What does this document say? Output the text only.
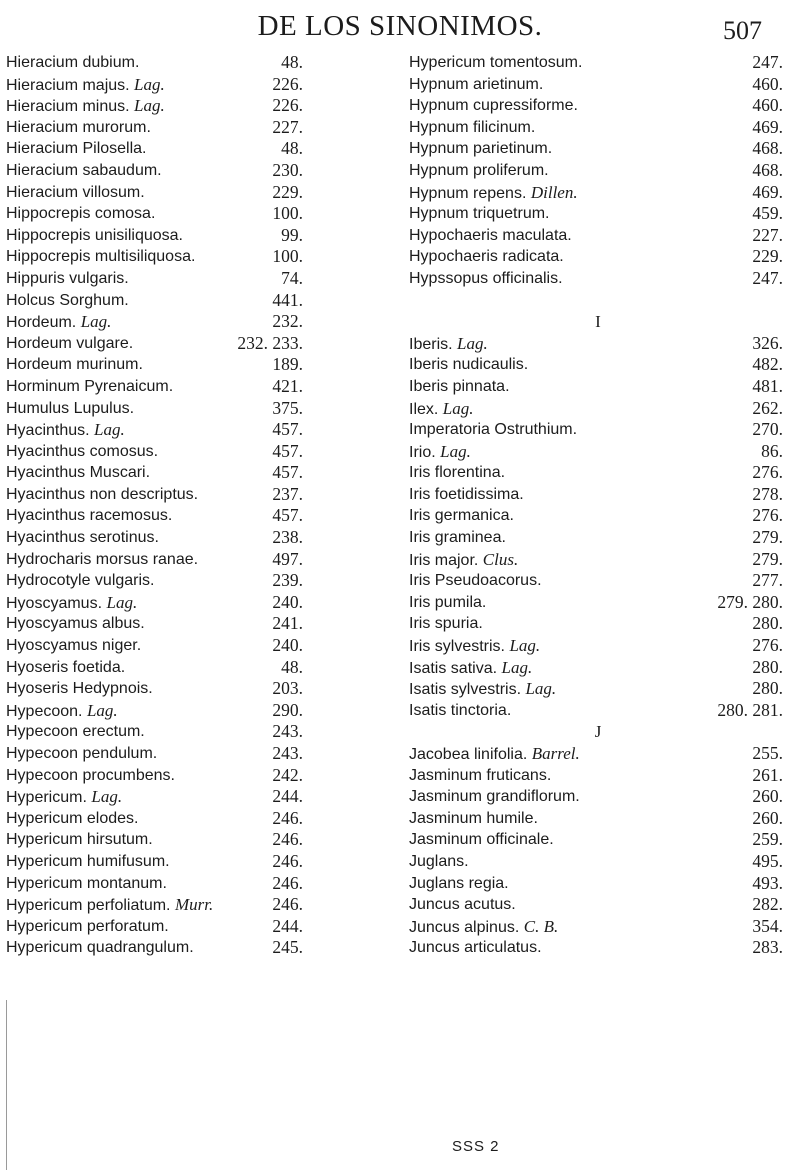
DE LOS SINONIMOS.	507
Hieracium dubium.	48.
Hieracium majus. Lag.	226.
Hieracium minus. Lag.	226.
Hieracium murorum.	227.
Hieracium Pilosella.	48.
Hieracium sabaudum.	230.
Hieracium villosum.	229.
Hippocrepis comosa.	100.
Hippocrepis unisiliquosa.	99.
Hippocrepis multisiliquosa.	100.
Hippuris vulgaris.	74.
Holcus Sorghum.	441.
Hordeum. Lag.	232.
Hordeum vulgare.	232. 233.
Hordeum murinum.	189.
Horminum Pyrenaicum.	421.
Humulus Lupulus.	375.
Hyacinthus. Lag.	457.
Hyacinthus comosus.	457.
Hyacinthus Muscari.	457.
Hyacinthus non descriptus.	237.
Hyacinthus racemosus.	457.
Hyacinthus serotinus.	238.
Hydrocharis morsus ranae.	497.
Hydrocotyle vulgaris.	239.
Hyoscyamus. Lag.	240.
Hyoscyamus albus.	241.
Hyoscyamus niger.	240.
Hyoseris foetida.	48.
Hyoseris Hedypnois.	203.
Hypecoon. Lag.	290.
Hypecoon erectum.	243.
Hypecoon pendulum.	243.
Hypecoon procumbens.	242.
Hypericum. Lag.	244.
Hypericum elodes.	246.
Hypericum hirsutum.	246.
Hypericum humifusum.	246.
Hypericum montanum.	246.
Hypericum perfoliatum. Murr.	246.
Hypericum perforatum.	244.
Hypericum quadrangulum.	245.
Hypericum tomentosum.	247.
Hypnum arietinum.	460.
Hypnum cupressiforme.	460.
Hypnum filicinum.	469.
Hypnum parietinum.	468.
Hypnum proliferum.	468.
Hypnum repens. Dillen.	469.
Hypnum triquetrum.	459.
Hypochaeris maculata.	227.
Hypochaeris radicata.	229.
Hypssopus officinalis.	247.
I
Iberis. Lag.	326.
Iberis nudicaulis.	482.
Iberis pinnata.	481.
Ilex. Lag.	262.
Imperatoria Ostruthium.	270.
Irio. Lag.	86.
Iris florentina.	276.
Iris foetidissima.	278.
Iris germanica.	276.
Iris graminea.	279.
Iris major. Clus.	279.
Iris Pseudoacorus.	277.
Iris pumila.	279. 280.
Iris spuria.	280.
Iris sylvestris. Lag.	276.
Isatis sativa. Lag.	280.
Isatis sylvestris. Lag.	280.
Isatis tinctoria.	280. 281.
J
Jacobea linifolia. Barrel.	255.
Jasminum fruticans.	261.
Jasminum grandiflorum.	260.
Jasminum humile.	260.
Jasminum officinale.	259.
Juglans.	495.
Juglans regia.	493.
Juncus acutus.	282.
Juncus alpinus. C. B.	354.
Juncus articulatus.	283.
SSS 2
